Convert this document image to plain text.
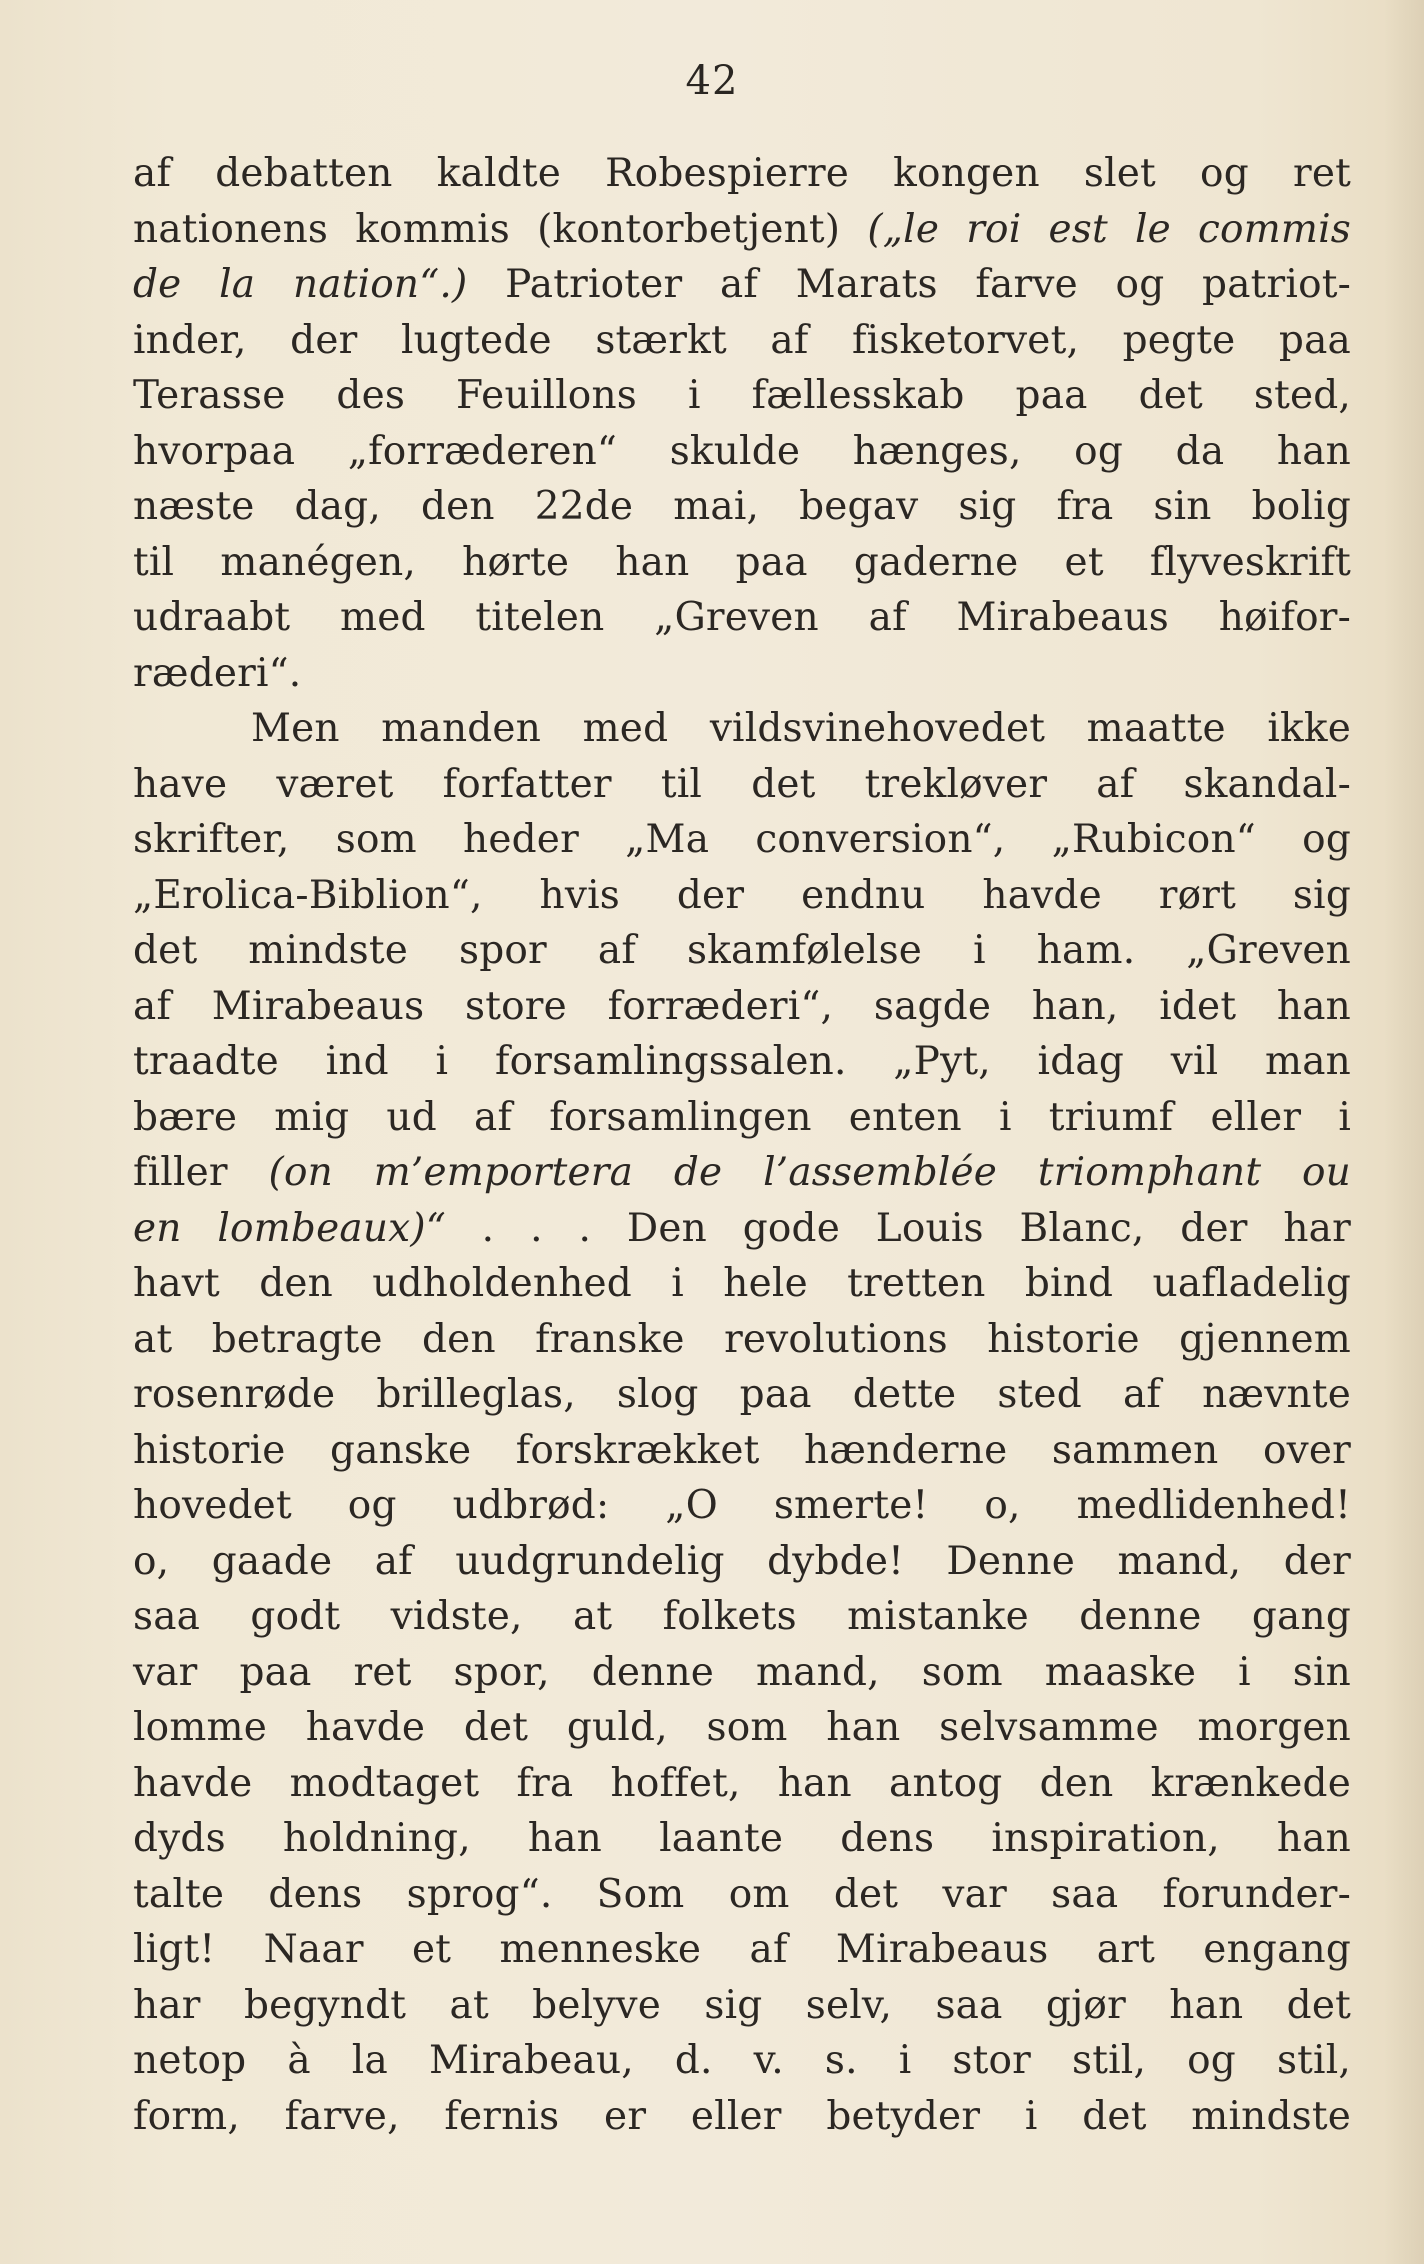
42
af debatten kaldte Robespierre kongen slet og ret
nationens kommis (kontorbetjent) („le roi est le commis
de la nation“.) Patrioter af Marats farve og patriot-
inder, der lugtede stærkt af fisketorvet, pegte paa
Terasse des Feuillons i fællesskab paa det sted,
hvorpaa „forræderen“ skulde hænges, og da han
næste dag, den 22de mai, begav sig fra sin bolig
til manégen, hørte han paa gaderne et flyveskrift
udraabt med titelen „Greven af Mirabeaus høifor-
ræderi“.
Men manden med vildsvinehovedet maatte ikke
have været forfatter til det trekløver af skandal-
skrifter, som heder „Ma conversion“, „Rubicon“ og
„Erolica-Biblion“, hvis der endnu havde rørt sig
det mindste spor af skamfølelse i ham. „Greven
af Mirabeaus store forræderi“, sagde han, idet han
traadte ind i forsamlingssalen. „Pyt, idag vil man
bære mig ud af forsamlingen enten i triumf eller i
filler (on m’emportera de l’assemblée triomphant ou
en lombeaux)“ . . . Den gode Louis Blanc, der har
havt den udholdenhed i hele tretten bind uafladelig
at betragte den franske revolutions historie gjennem
rosenrøde brilleglas, slog paa dette sted af nævnte
historie ganske forskrækket hænderne sammen over
hovedet og udbrød: „O smerte! o, medlidenhed!
o, gaade af uudgrundelig dybde! Denne mand, der
saa godt vidste, at folkets mistanke denne gang
var paa ret spor, denne mand, som maaske i sin
lomme havde det guld, som han selvsamme morgen
havde modtaget fra hoffet, han antog den krænkede
dyds holdning, han laante dens inspiration, han
talte dens sprog“. Som om det var saa forunder-
ligt! Naar et menneske af Mirabeaus art engang
har begyndt at belyve sig selv, saa gjør han det
netop à la Mirabeau, d. v. s. i stor stil, og stil,
form, farve, fernis er eller betyder i det mindste
